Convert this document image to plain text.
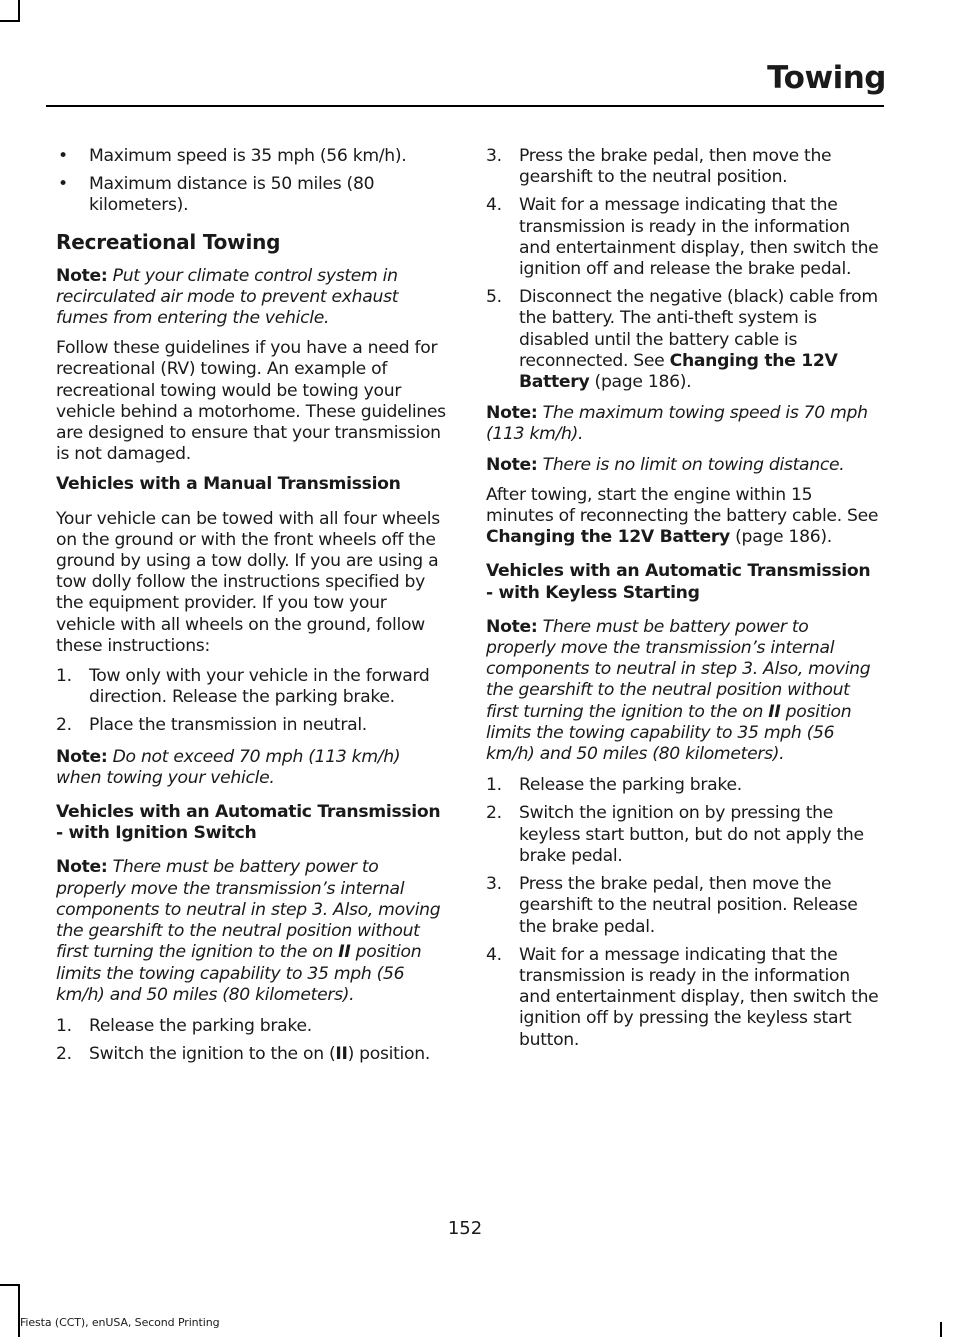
Towing
• Maximum speed is 35 mph (56 km/h).
• Maximum distance is 50 miles (80 kilometers).
Recreational Towing

Note: Put your climate control system in recirculated air mode to prevent exhaust fumes from entering the vehicle.

Follow these guidelines if you have a need for recreational (RV) towing. An example of recreational towing would be towing your vehicle behind a motorhome. These guidelines are designed to ensure that your transmission is not damaged.

Vehicles with a Manual Transmission

Your vehicle can be towed with all four wheels on the ground or with the front wheels off the ground by using a tow dolly. If you are using a tow dolly follow the instructions specified by the equipment provider. If you tow your vehicle with all wheels on the ground, follow these instructions:

1. Tow only with your vehicle in the forward direction. Release the parking brake.
2. Place the transmission in neutral.

Note: Do not exceed 70 mph (113 km/h) when towing your vehicle.

Vehicles with an Automatic Transmission - with Ignition Switch

Note: There must be battery power to properly move the transmission’s internal components to neutral in step 3. Also, moving the gearshift to the neutral position without first turning the ignition to the on II position limits the towing capability to 35 mph (56 km/h) and 50 miles (80 kilometers).

1. Release the parking brake.
2. Switch the ignition to the on (II) position.
3. Press the brake pedal, then move the gearshift to the neutral position.
4. Wait for a message indicating that the transmission is ready in the information and entertainment display, then switch the ignition off and release the brake pedal.
5. Disconnect the negative (black) cable from the battery. The anti-theft system is disabled until the battery cable is reconnected. See Changing the 12V Battery (page 186).

Note: The maximum towing speed is 70 mph (113 km/h).

Note: There is no limit on towing distance.

After towing, start the engine within 15 minutes of reconnecting the battery cable. See Changing the 12V Battery (page 186).

Vehicles with an Automatic Transmission - with Keyless Starting

Note: There must be battery power to properly move the transmission’s internal components to neutral in step 3. Also, moving the gearshift to the neutral position without first turning the ignition to the on II position limits the towing capability to 35 mph (56 km/h) and 50 miles (80 kilometers).

1. Release the parking brake.
2. Switch the ignition on by pressing the keyless start button, but do not apply the brake pedal.
3. Press the brake pedal, then move the gearshift to the neutral position. Release the brake pedal.
4. Wait for a message indicating that the transmission is ready in the information and entertainment display, then switch the ignition off by pressing the keyless start button.
152
Fiesta (CCT), enUSA, Second Printing
